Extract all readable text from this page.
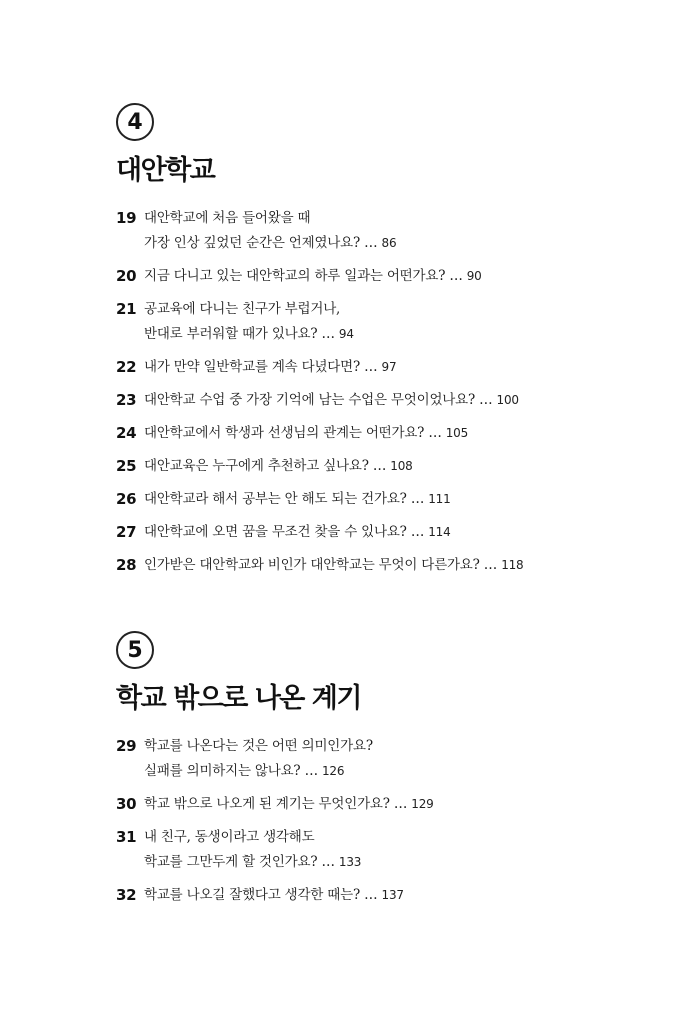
4
대안학교
19 대안학교에 처음 들어왔을 때
가장 인상 깊었던 순간은 언제였나요? … 86
20 지금 다니고 있는 대안학교의 하루 일과는 어떤가요? … 90
21 공교육에 다니는 친구가 부럽거나,
반대로 부러워할 때가 있나요? … 94
22 내가 만약 일반학교를 계속 다녔다면? … 97
23 대안학교 수업 중 가장 기억에 남는 수업은 무엇이었나요? … 100
24 대안학교에서 학생과 선생님의 관계는 어떤가요? … 105
25 대안교육은 누구에게 추천하고 싶나요? … 108
26 대안학교라 해서 공부는 안 해도 되는 건가요? … 111
27 대안학교에 오면 꿈을 무조건 찾을 수 있나요? … 114
28 인가받은 대안학교와 비인가 대안학교는 무엇이 다른가요? … 118
5
학교 밖으로 나온 계기
29 학교를 나온다는 것은 어떤 의미인가요?
실패를 의미하지는 않나요? … 126
30 학교 밖으로 나오게 된 계기는 무엇인가요? … 129
31 내 친구, 동생이라고 생각해도
학교를 그만두게 할 것인가요? … 133
32 학교를 나오길 잘했다고 생각한 때는? … 137
